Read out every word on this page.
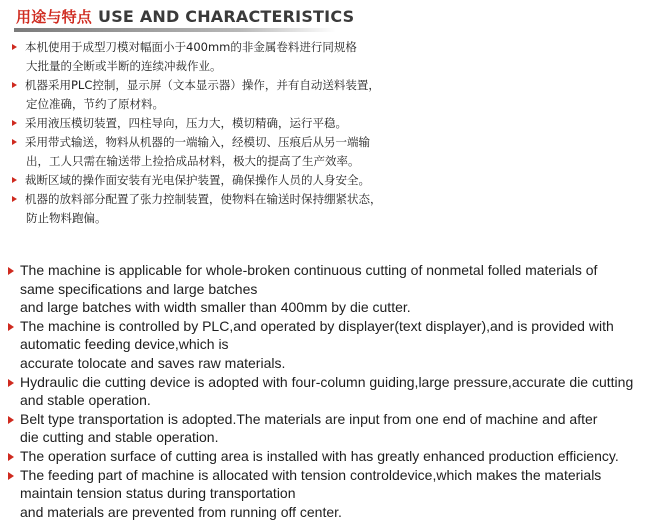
用途与特点 USE AND CHARACTERISTICS
本机使用于成型刀模对幅面小于400mm的非金属卷料进行同规格
大批量的全断或半断的连续冲裁作业。
机器采用PLC控制，显示屏（文本显示器）操作，并有自动送料装置，
定位准确，节约了原材料。
采用液压模切装置，四柱导向，压力大，模切精确，运行平稳。
采用带式输送，物料从机器的一端输入，经模切、压痕后从另一端输
出，工人只需在输送带上捡拾成品材料，极大的提高了生产效率。
裁断区域的操作面安装有光电保护装置，确保操作人员的人身安全。
机器的放料部分配置了张力控制装置，使物料在输送时保持绷紧状态，
防止物料跑偏。
The machine is applicable for whole-broken continuous cutting of nonmetal folled materials of
same specifications and large batches
and large batches with width smaller than 400mm by die cutter.
The machine is controlled by PLC,and operated by displayer(text displayer),and is provided with
automatic feeding device,which is
accurate tolocate and saves raw materials.
Hydraulic die cutting device is adopted with four-column guiding,large pressure,accurate die cutting
and stable operation.
Belt type transportation is adopted.The materials are input from one end of machine and after
die cutting and stable operation.
The operation surface of cutting area is installed with has greatly enhanced production efficiency.
The feeding part of machine is allocated with tension controldevice,which makes the materials
maintain tension status during transportation
and materials are prevented from running off center.
